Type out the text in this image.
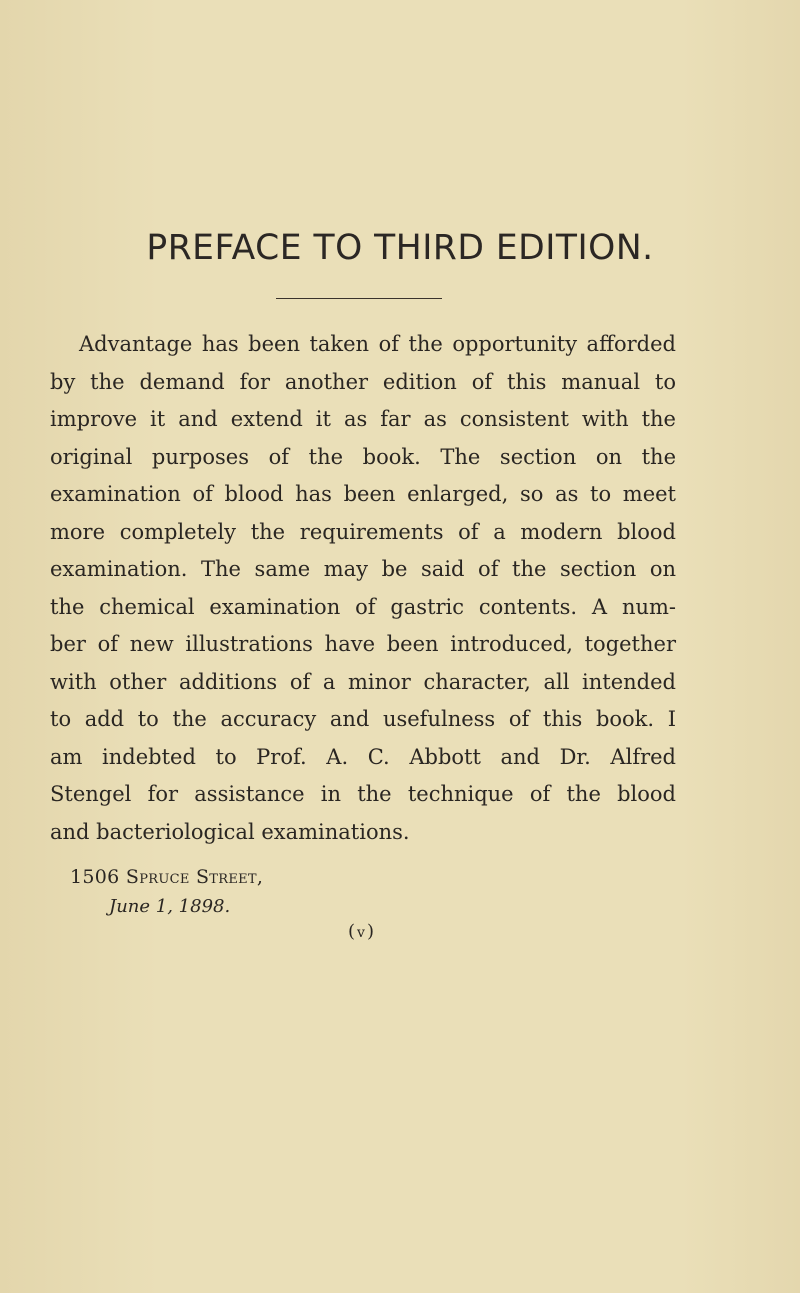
PREFACE TO THIRD EDITION.
Advantage has been taken of the opportunity afforded
by the demand for another edition of this manual to
improve it and extend it as far as consistent with the
original purposes of the book. The section on the
examination of blood has been enlarged, so as to meet
more completely the requirements of a modern blood
examination. The same may be said of the section on
the chemical examination of gastric contents. A num-
ber of new illustrations have been introduced, together
with other additions of a minor character, all intended
to add to the accuracy and usefulness of this book. I
am indebted to Prof. A. C. Abbott and Dr. Alfred
Stengel for assistance in the technique of the blood
and bacteriological examinations.
1506 Spruce Street,
June 1, 1898.
( v )
